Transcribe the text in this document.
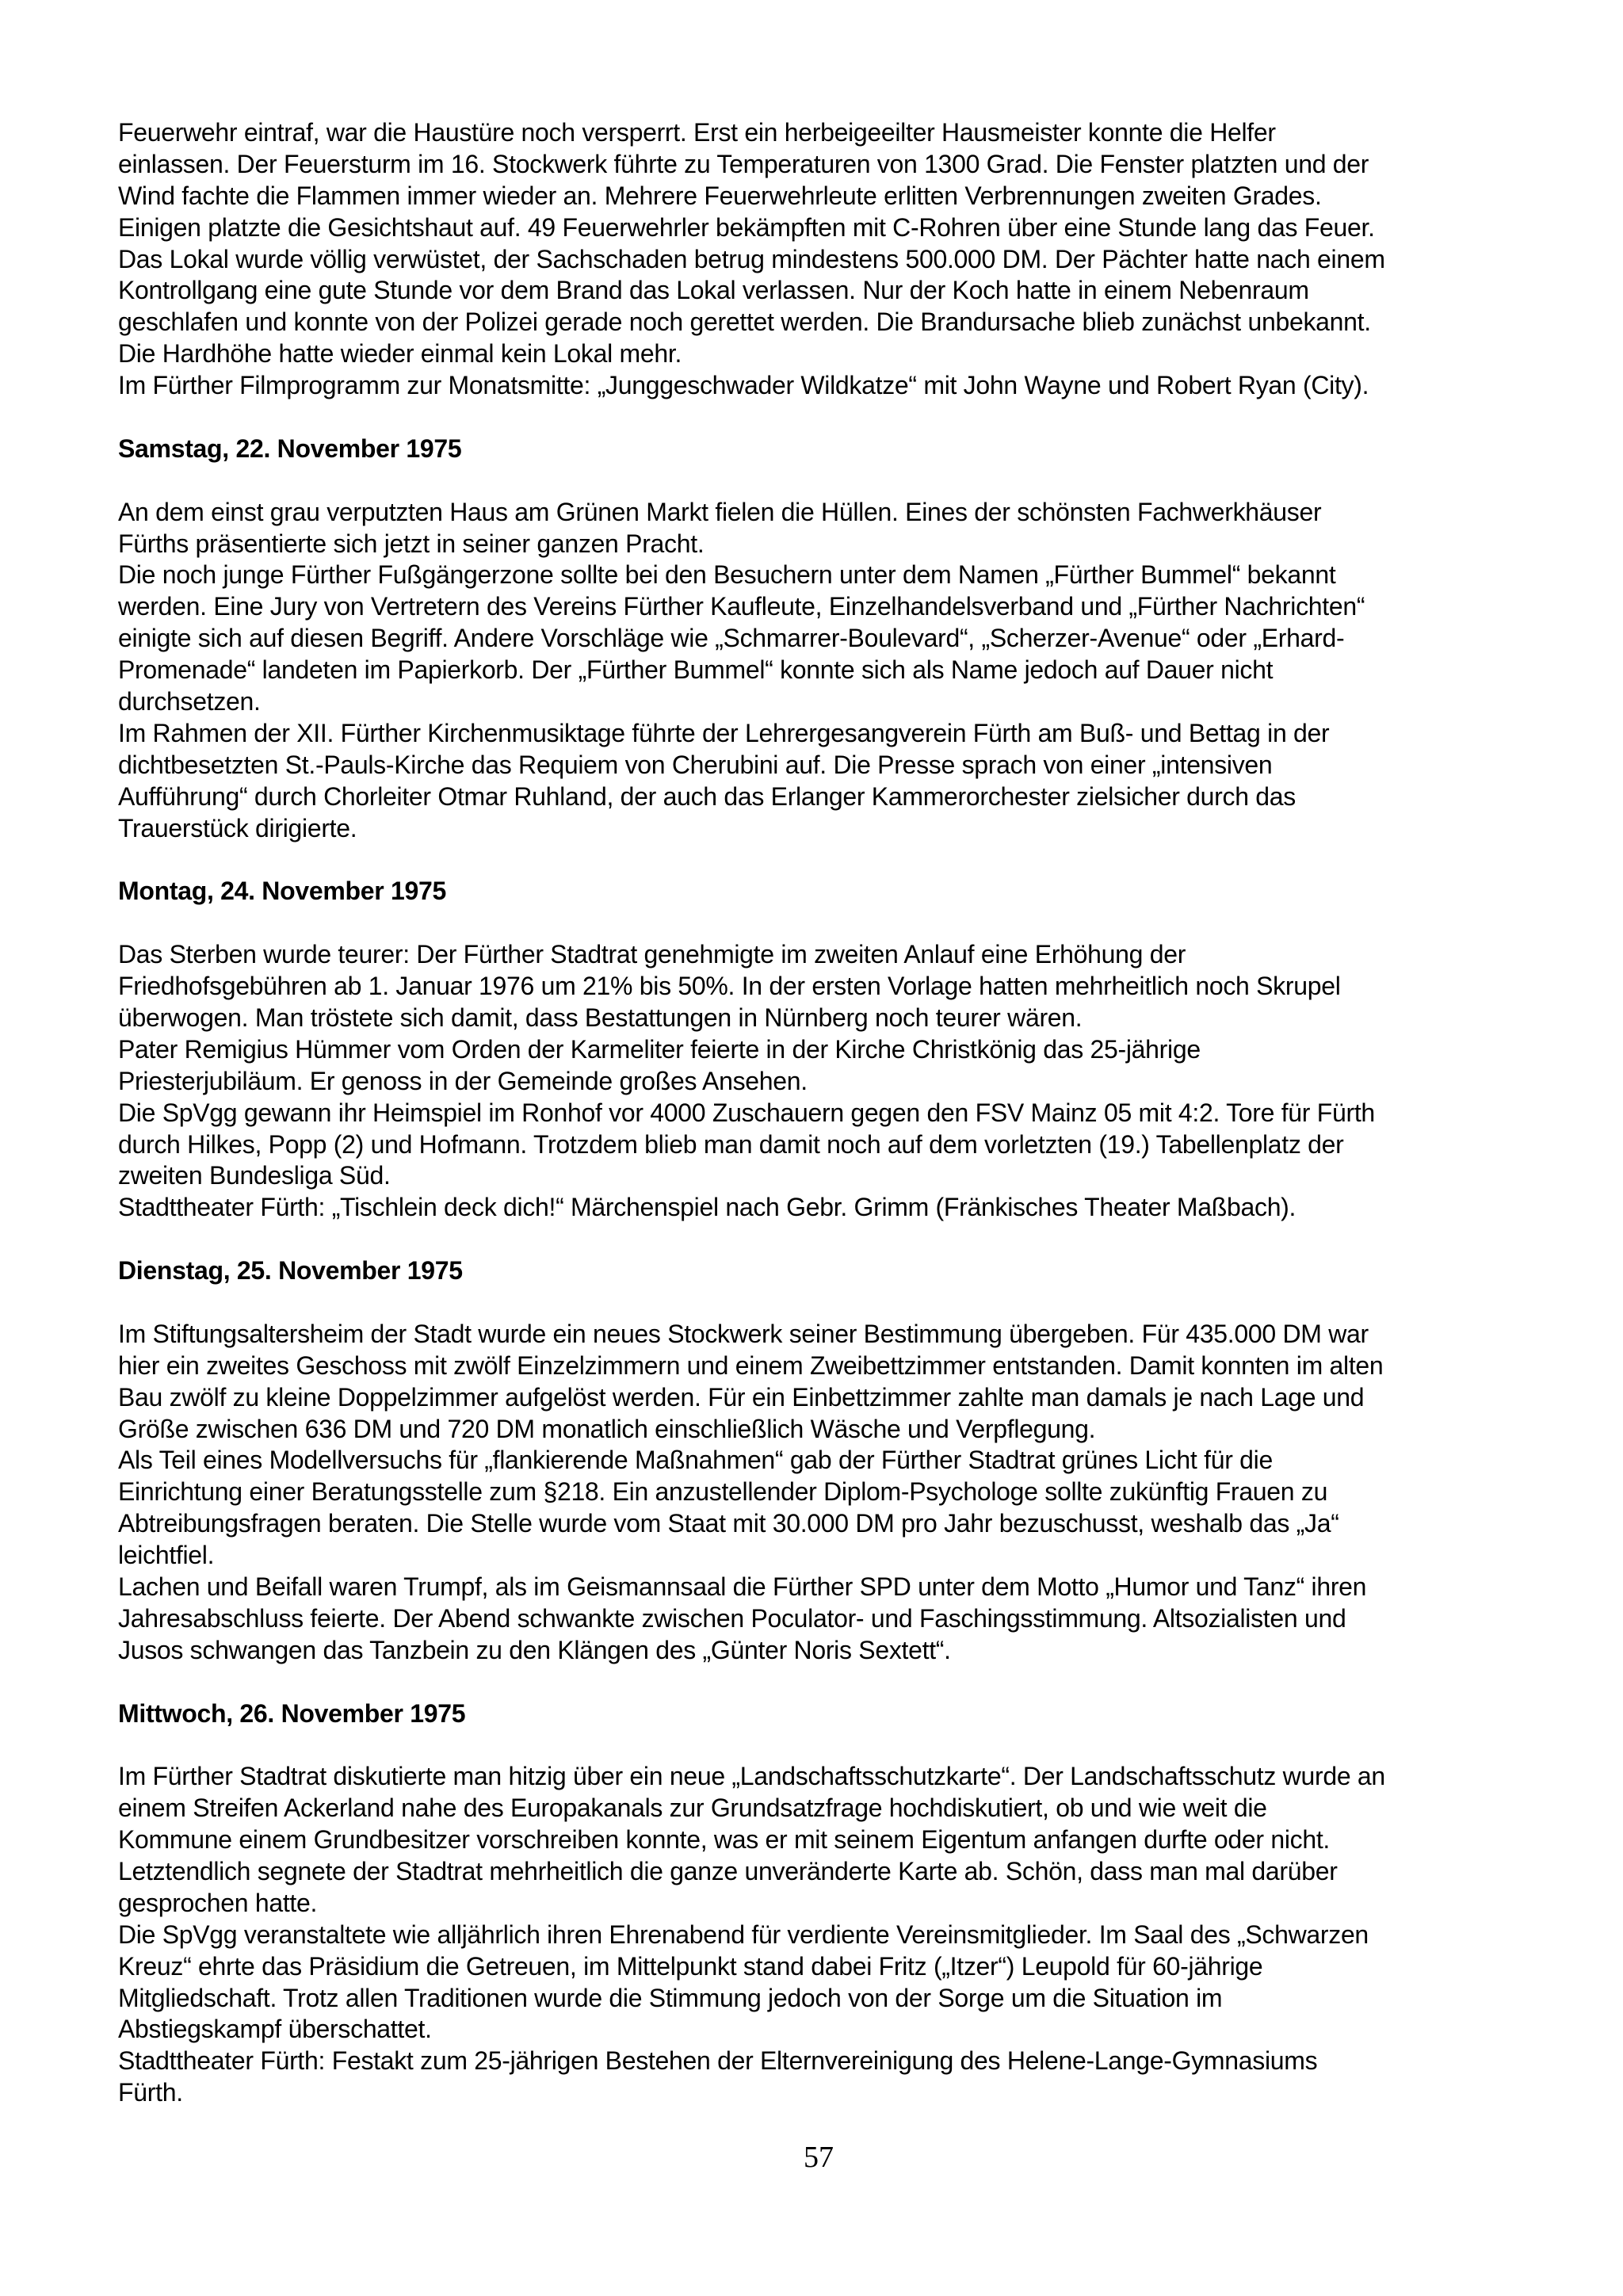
Feuerwehr eintraf, war die Haustüre noch versperrt. Erst ein herbeigeeilter Hausmeister konnte die Helfer
einlassen. Der Feuersturm im 16. Stockwerk führte zu Temperaturen von 1300 Grad. Die Fenster platzten und der
Wind fachte die Flammen immer wieder an. Mehrere Feuerwehrleute erlitten Verbrennungen zweiten Grades.
Einigen platzte die Gesichtshaut auf. 49 Feuerwehrler bekämpften mit C-Rohren über eine Stunde lang das Feuer.
Das Lokal wurde völlig verwüstet, der Sachschaden betrug mindestens 500.000 DM. Der Pächter hatte nach einem
Kontrollgang eine gute Stunde vor dem Brand das Lokal verlassen. Nur der Koch hatte in einem Nebenraum
geschlafen und konnte von der Polizei gerade noch gerettet werden. Die Brandursache blieb zunächst unbekannt.
Die Hardhöhe hatte wieder einmal kein Lokal mehr.
Im Fürther Filmprogramm zur Monatsmitte: „Junggeschwader Wildkatze“ mit John Wayne und Robert Ryan (City).
Samstag, 22. November 1975
An dem einst grau verputzten Haus am Grünen Markt fielen die Hüllen. Eines der schönsten Fachwerkhäuser
Fürths präsentierte sich jetzt in seiner ganzen Pracht.
Die noch junge Fürther Fußgängerzone sollte bei den Besuchern unter dem Namen „Fürther Bummel“ bekannt
werden. Eine Jury von Vertretern des Vereins Fürther Kaufleute, Einzelhandelsverband und „Fürther Nachrichten“
einigte sich auf diesen Begriff. Andere Vorschläge wie „Schmarrer-Boulevard“, „Scherzer-Avenue“ oder „Erhard-
Promenade“ landeten im Papierkorb. Der „Fürther Bummel“ konnte sich als Name jedoch auf Dauer nicht
durchsetzen.
Im Rahmen der XII. Fürther Kirchenmusiktage führte der Lehrergesangverein Fürth am Buß- und Bettag in der
dichtbesetzten St.-Pauls-Kirche das Requiem von Cherubini auf. Die Presse sprach von einer „intensiven
Aufführung“ durch Chorleiter Otmar Ruhland, der auch das Erlanger Kammerorchester zielsicher durch das
Trauerstück dirigierte.
Montag, 24. November 1975
Das Sterben wurde teurer: Der Fürther Stadtrat genehmigte im zweiten Anlauf eine Erhöhung der
Friedhofsgebühren ab 1. Januar 1976 um 21% bis 50%. In der ersten Vorlage hatten mehrheitlich noch Skrupel
überwogen. Man tröstete sich damit, dass Bestattungen in Nürnberg noch teurer wären.
Pater Remigius Hümmer vom Orden der Karmeliter feierte in der Kirche Christkönig das 25-jährige
Priesterjubiläum. Er genoss in der Gemeinde großes Ansehen.
Die SpVgg gewann ihr Heimspiel im Ronhof vor 4000 Zuschauern gegen den FSV Mainz 05 mit 4:2. Tore für Fürth
durch Hilkes, Popp (2) und Hofmann. Trotzdem blieb man damit noch auf dem vorletzten (19.) Tabellenplatz der
zweiten Bundesliga Süd.
Stadttheater Fürth: „Tischlein deck dich!“ Märchenspiel nach Gebr. Grimm (Fränkisches Theater Maßbach).
Dienstag, 25. November 1975
Im Stiftungsaltersheim der Stadt wurde ein neues Stockwerk seiner Bestimmung übergeben. Für 435.000 DM war
hier ein zweites Geschoss mit zwölf Einzelzimmern und einem Zweibettzimmer entstanden. Damit konnten im alten
Bau zwölf zu kleine Doppelzimmer aufgelöst werden. Für ein Einbettzimmer zahlte man damals je nach Lage und
Größe zwischen 636 DM und 720 DM monatlich einschließlich Wäsche und Verpflegung.
Als Teil eines Modellversuchs für „flankierende Maßnahmen“ gab der Fürther Stadtrat grünes Licht für die
Einrichtung einer Beratungsstelle zum §218. Ein anzustellender Diplom-Psychologe sollte zukünftig Frauen zu
Abtreibungsfragen beraten. Die Stelle wurde vom Staat mit 30.000 DM pro Jahr bezuschusst, weshalb das „Ja“
leichtfiel.
Lachen und Beifall waren Trumpf, als im Geismannsaal die Fürther SPD unter dem Motto „Humor und Tanz“ ihren
Jahresabschluss feierte. Der Abend schwankte zwischen Poculator- und Faschingsstimmung. Altsozialisten und
Jusos schwangen das Tanzbein zu den Klängen des „Günter Noris Sextett“.
Mittwoch, 26. November 1975
Im Fürther Stadtrat diskutierte man hitzig über ein neue „Landschaftsschutzkarte“. Der Landschaftsschutz wurde an
einem Streifen Ackerland nahe des Europakanals zur Grundsatzfrage hochdiskutiert, ob und wie weit die
Kommune einem Grundbesitzer vorschreiben konnte, was er mit seinem Eigentum anfangen durfte oder nicht.
Letztendlich segnete der Stadtrat mehrheitlich die ganze unveränderte Karte ab. Schön, dass man mal darüber
gesprochen hatte.
Die SpVgg veranstaltete wie alljährlich ihren Ehrenabend für verdiente Vereinsmitglieder. Im Saal des „Schwarzen
Kreuz“ ehrte das Präsidium die Getreuen, im Mittelpunkt stand dabei Fritz („Itzer“) Leupold für 60-jährige
Mitgliedschaft. Trotz allen Traditionen wurde die Stimmung jedoch von der Sorge um die Situation im
Abstiegskampf überschattet.
Stadttheater Fürth: Festakt zum 25-jährigen Bestehen der Elternvereinigung des Helene-Lange-Gymnasiums
Fürth.
57
